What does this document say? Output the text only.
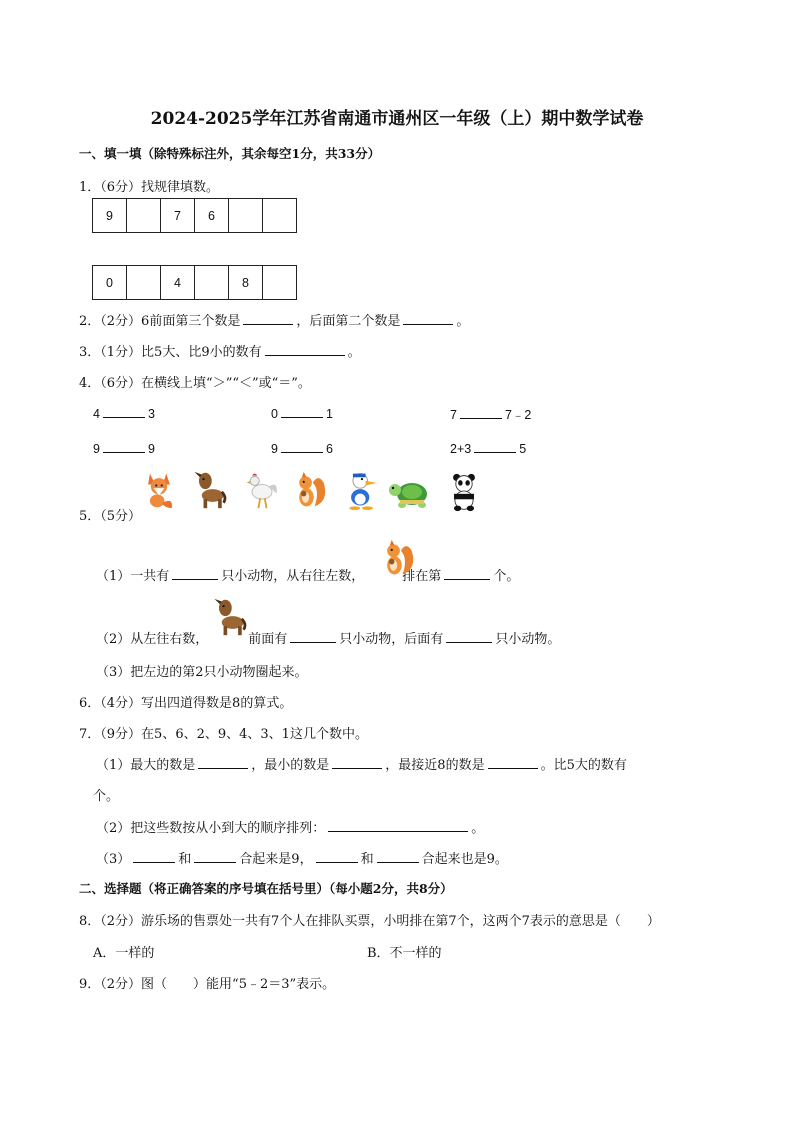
2024-2025学年江苏省南通市通州区一年级（上）期中数学试卷
一、填一填（除特殊标注外，其余每空1分，共33分）
1．（6分）找规律填数。
9		7	6		
0		4		8	
2．（2分）6前面第三个数是	，后面第二个数是	。
3．（1分）比5大、比9小的数有	。
4．（6分）在横线上填“＞”“＜”或“＝”。
4	3	0	1	7	7﹣2
9	9	9	6	2+3	5
5．（5分）
（1）一共有	只小动物，从右往左数，	排在第	个。
（2）从左往右数，	前面有	只小动物，后面有	只小动物。
（3）把左边的第2只小动物圈起来。
6．（4分）写出四道得数是8的算式。
7．（9分）在5、6、2、9、4、3、1这几个数中。
（1）最大的数是	，最小的数是	，最接近8的数是	。比5大的数有
个。
（2）把这些数按从小到大的顺序排列：	。
（3）	和	合起来是9，	和	合起来也是9。
二、选择题（将正确答案的序号填在括号里）（每小题2分，共8分）
8．（2分）游乐场的售票处一共有7个人在排队买票，小明排在第7个，这两个7表示的意思是（　　）
A．一样的	B．不一样的
9．（2分）图（　　）能用“5﹣2＝3”表示。
